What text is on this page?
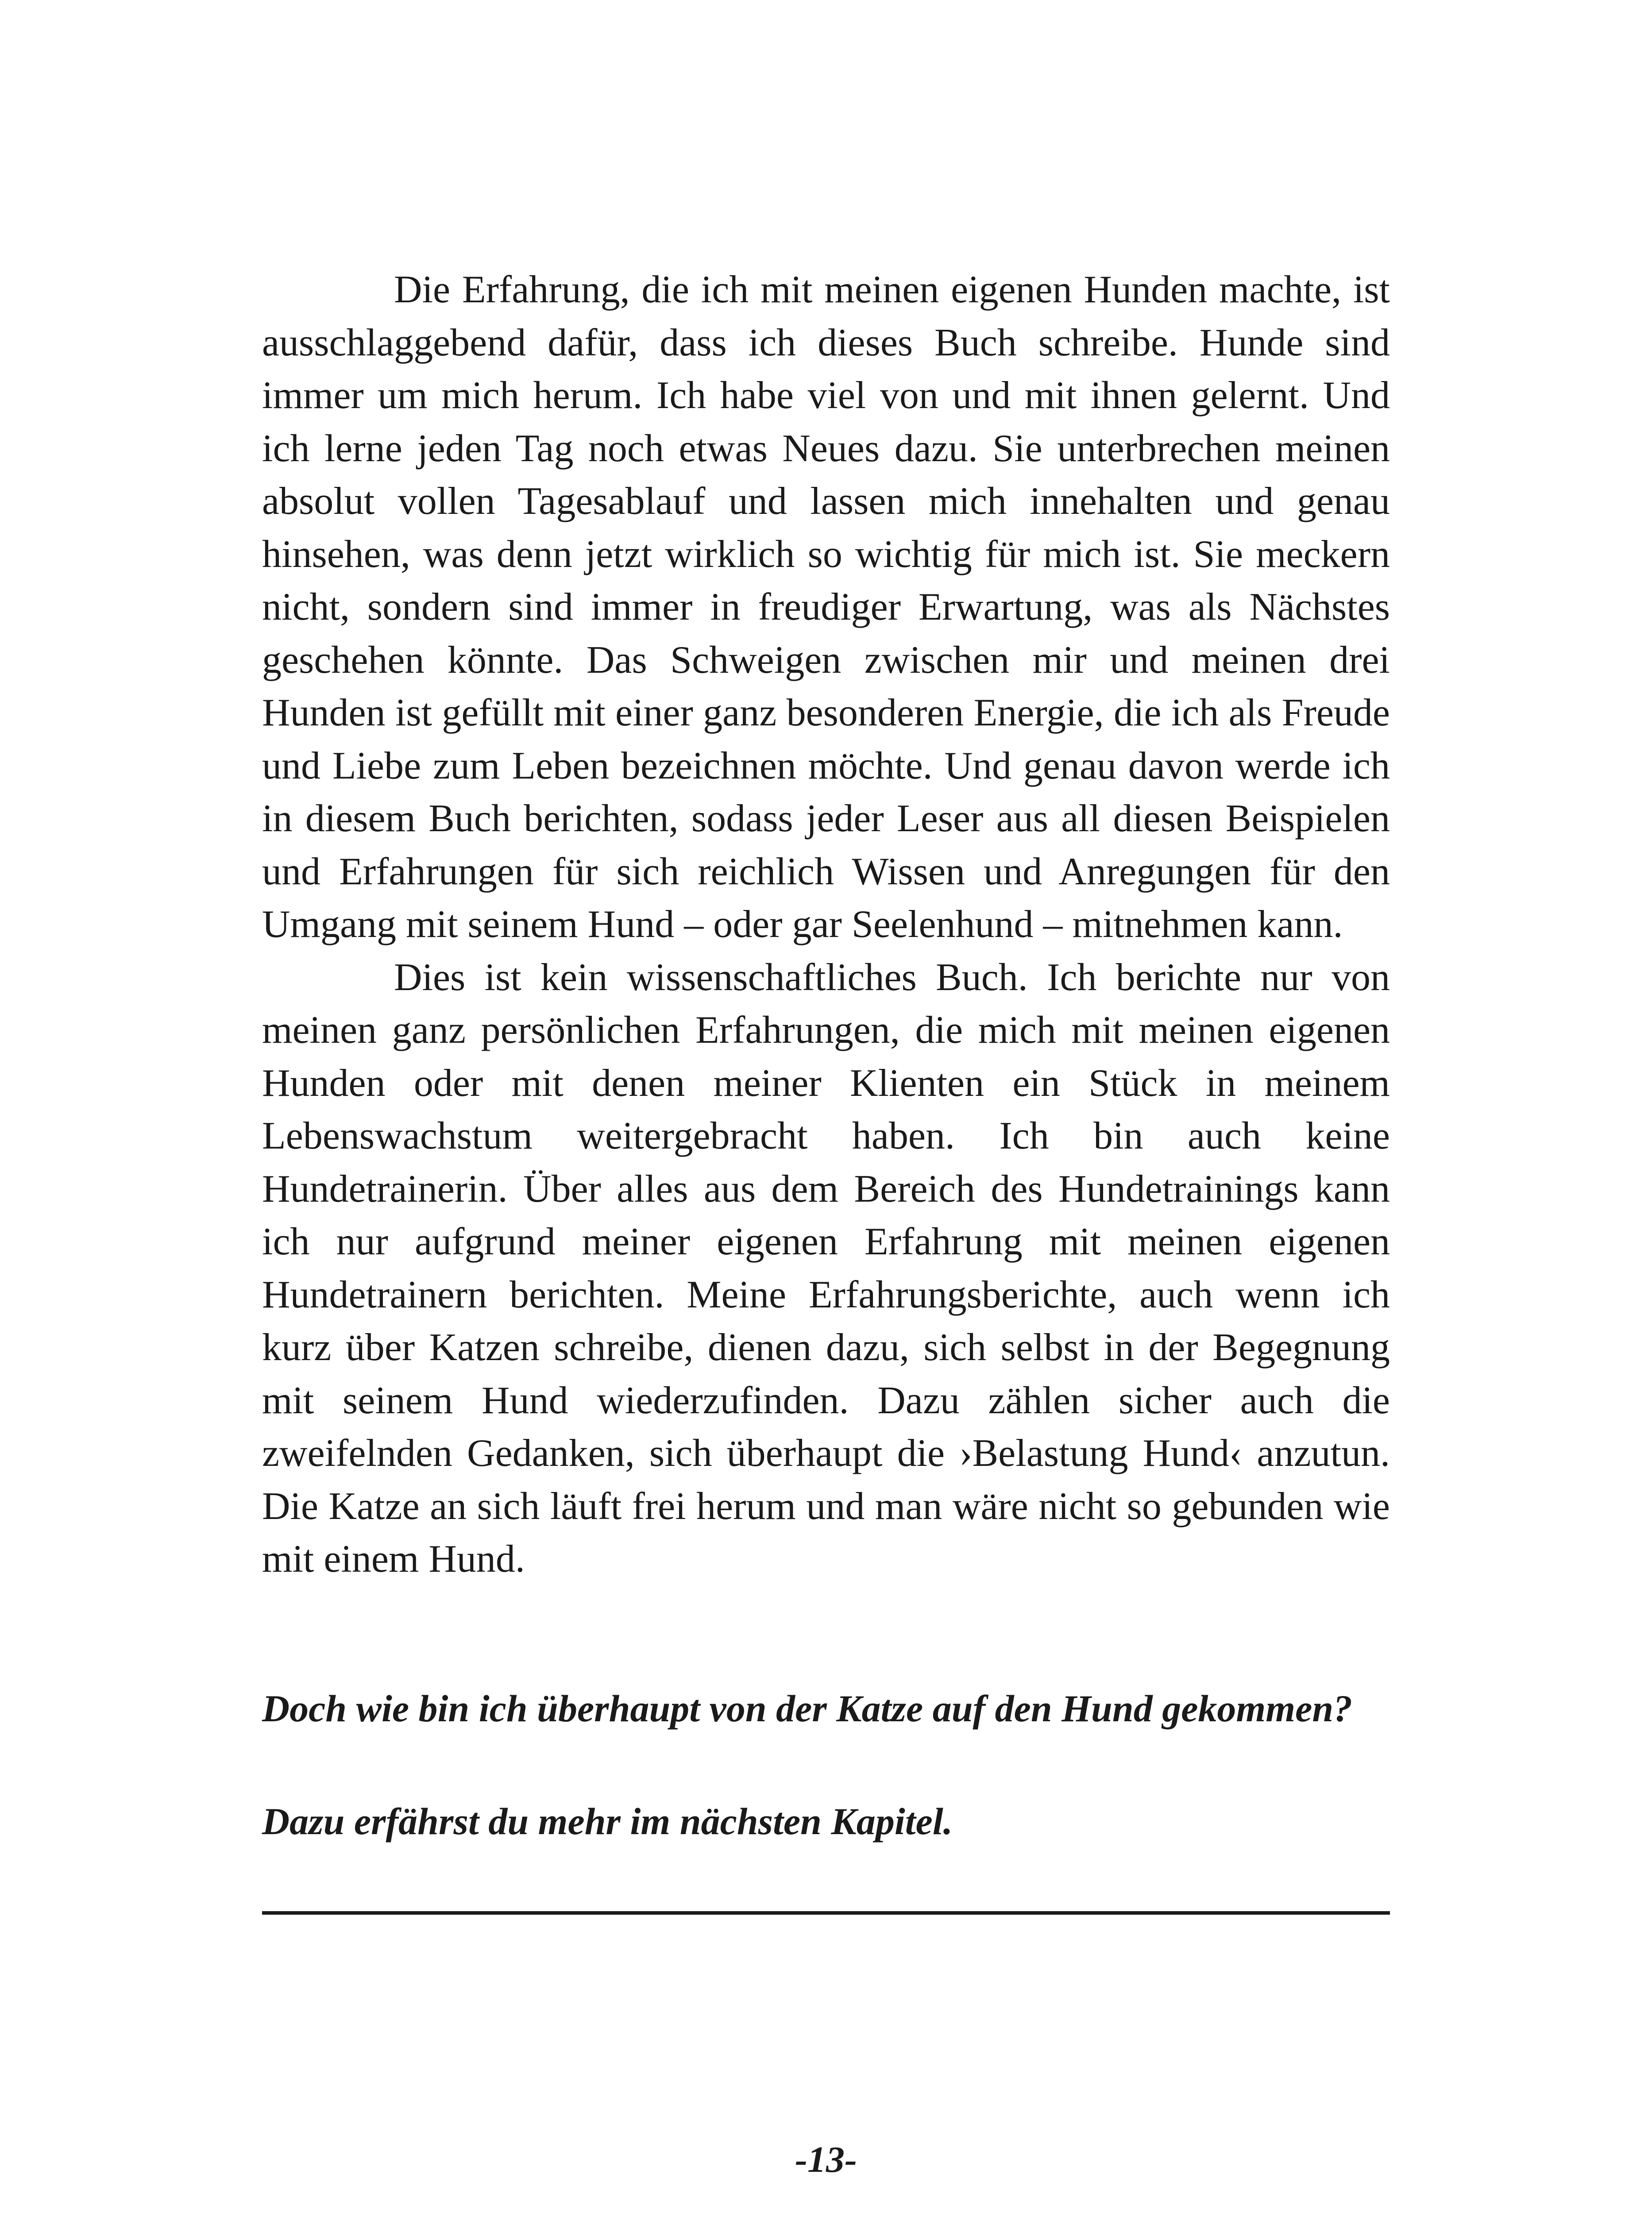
Die Erfahrung, die ich mit meinen eigenen Hunden machte, ist ausschlaggebend dafür, dass ich dieses Buch schreibe. Hunde sind immer um mich herum. Ich habe viel von und mit ihnen gelernt. Und ich lerne jeden Tag noch etwas Neues dazu. Sie unterbrechen meinen absolut vollen Tagesablauf und lassen mich innehalten und genau hinsehen, was denn jetzt wirklich so wichtig für mich ist. Sie meckern nicht, sondern sind immer in freudiger Erwartung, was als Nächstes geschehen könnte. Das Schweigen zwischen mir und meinen drei Hunden ist gefüllt mit einer ganz besonderen Energie, die ich als Freude und Liebe zum Leben bezeichnen möchte. Und genau davon werde ich in diesem Buch berichten, sodass jeder Leser aus all diesen Beispielen und Erfahrungen für sich reichlich Wissen und Anregungen für den Umgang mit seinem Hund – oder gar Seelenhund – mitnehmen kann.

Dies ist kein wissenschaftliches Buch. Ich berichte nur von meinen ganz persönlichen Erfahrungen, die mich mit meinen eigenen Hunden oder mit denen meiner Klienten ein Stück in meinem Lebenswachstum weitergebracht haben. Ich bin auch keine Hundetrainerin. Über alles aus dem Bereich des Hundetrainings kann ich nur aufgrund meiner eigenen Erfahrung mit meinen eigenen Hundetrainern berichten. Meine Erfahrungsberichte, auch wenn ich kurz über Katzen schreibe, dienen dazu, sich selbst in der Begegnung mit seinem Hund wiederzufinden. Dazu zählen sicher auch die zweifelnden Gedanken, sich überhaupt die ›Belastung Hund‹ anzutun. Die Katze an sich läuft frei herum und man wäre nicht so gebunden wie mit einem Hund.

Doch wie bin ich überhaupt von der Katze auf den Hund gekommen?

Dazu erfährst du mehr im nächsten Kapitel.

-13-
